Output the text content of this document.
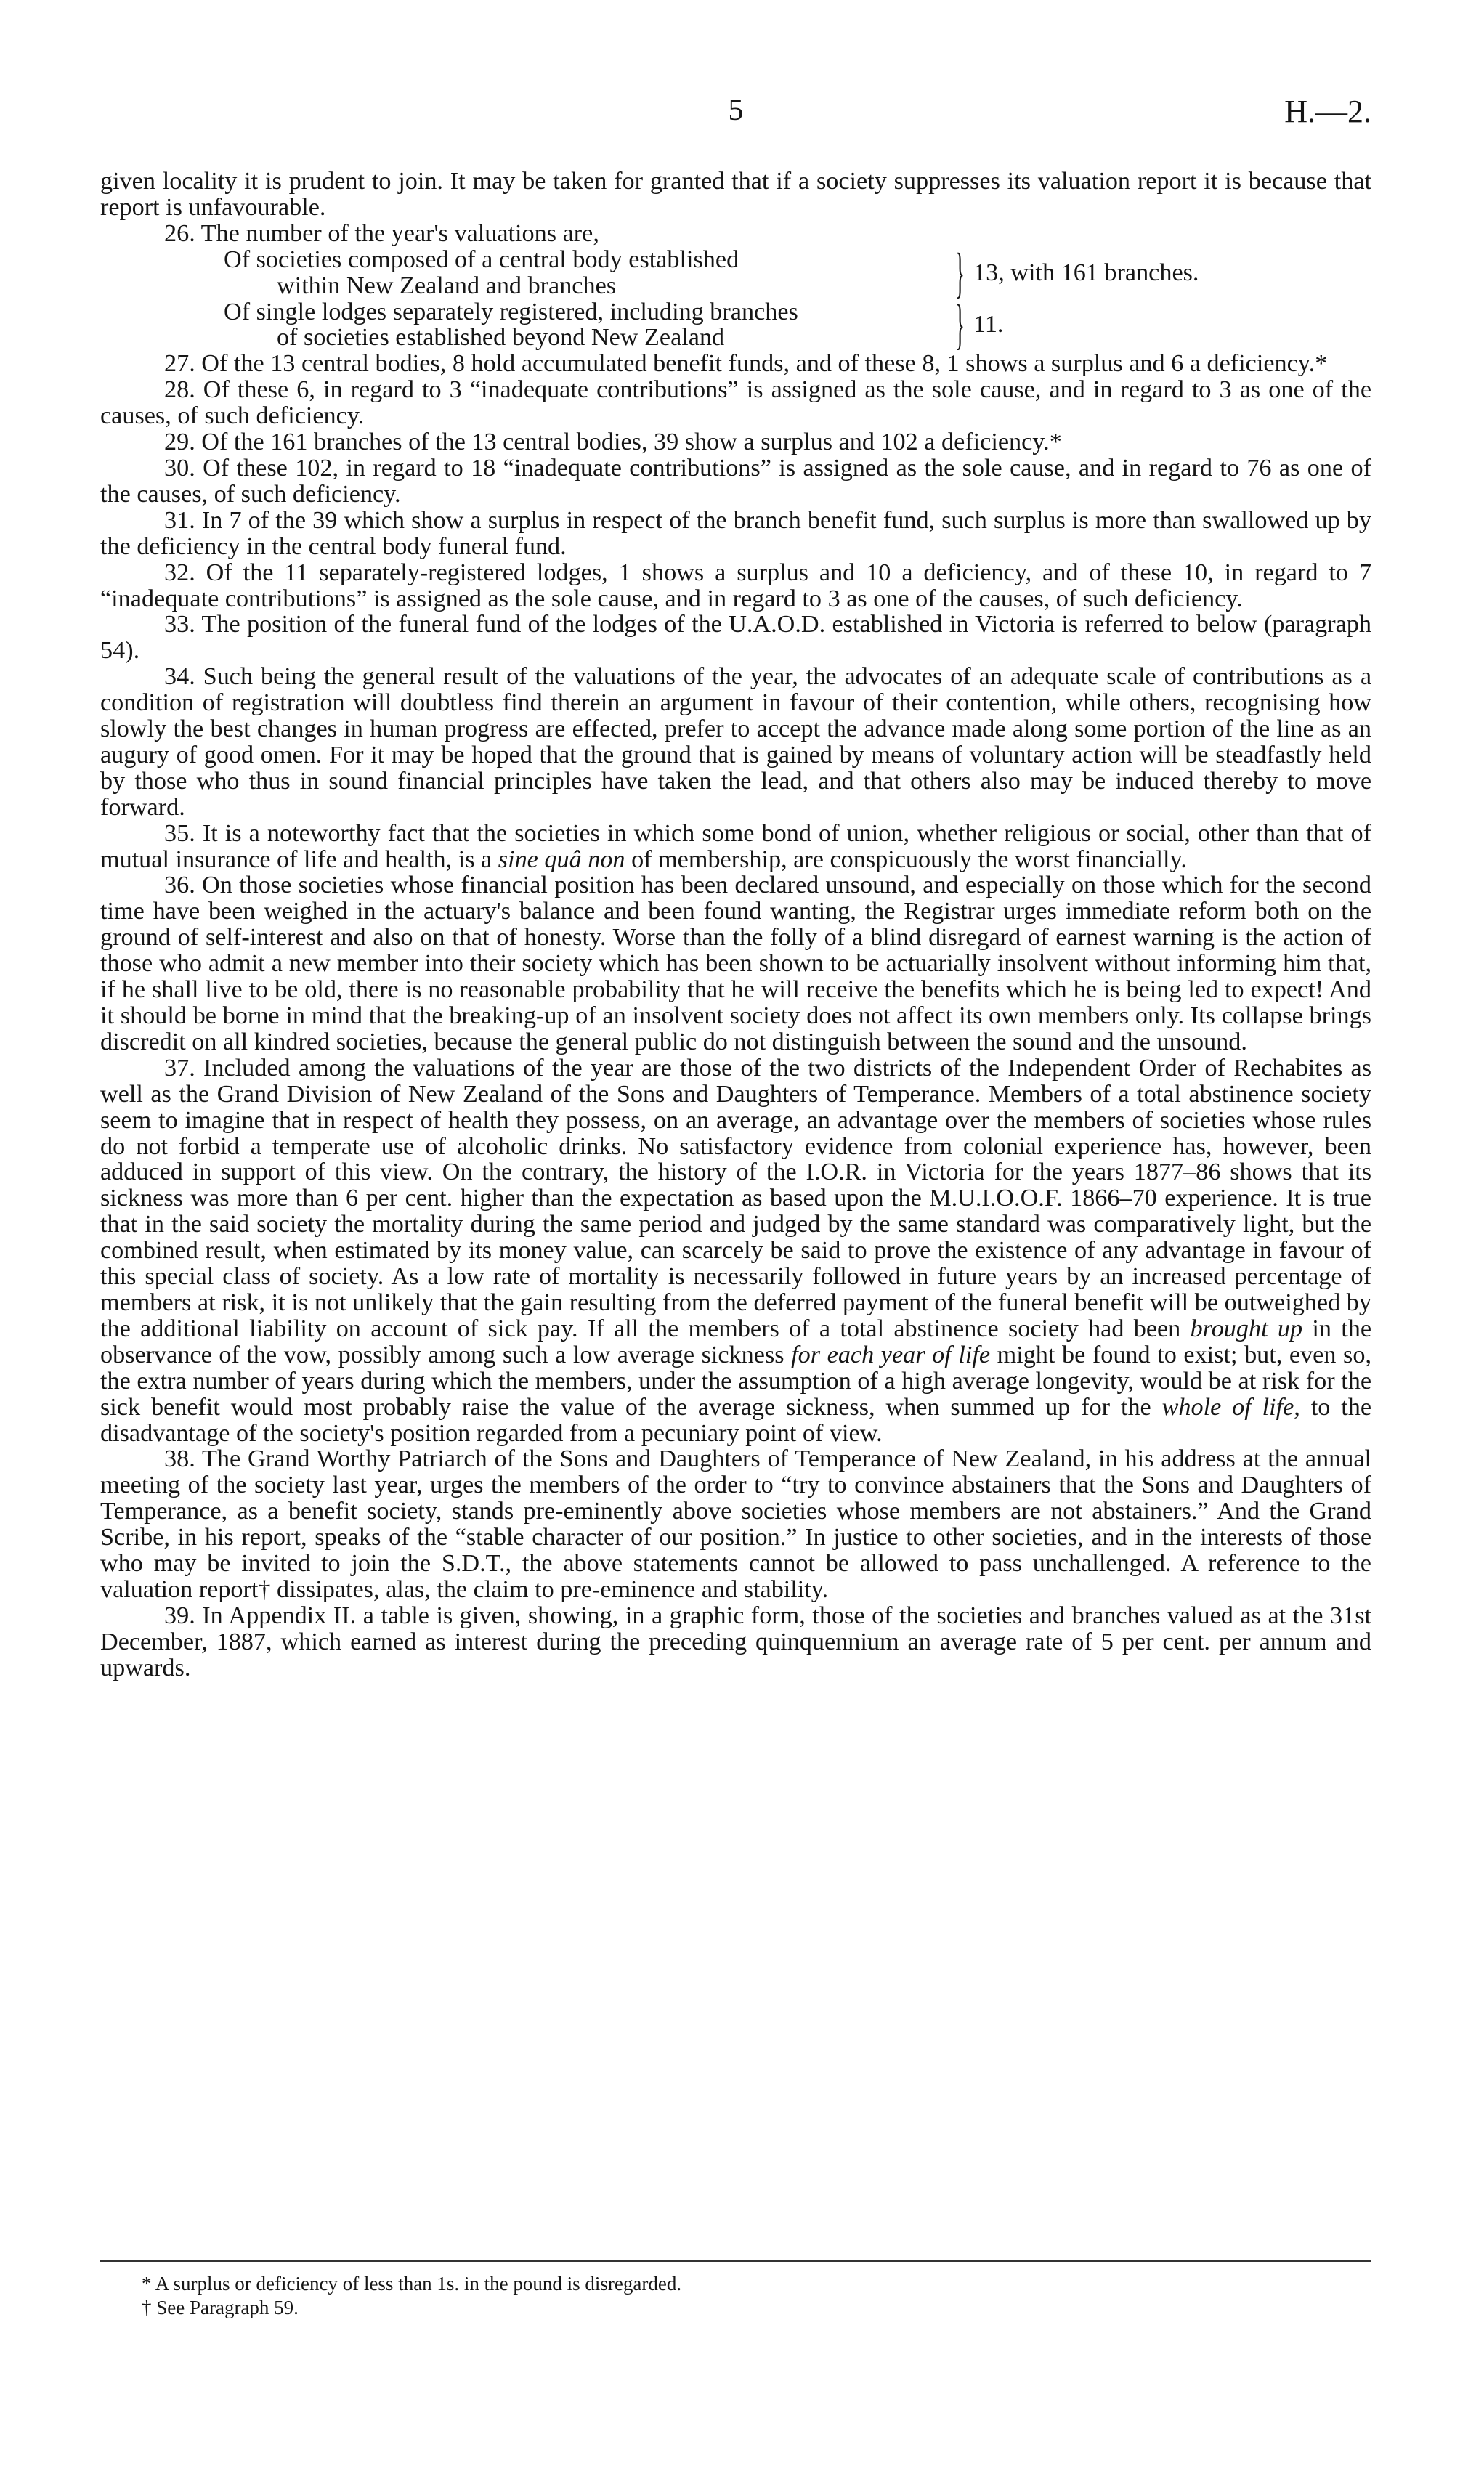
5	H.—2.

given locality it is prudent to join. It may be taken for granted that if a society suppresses its valuation report it is because that report is unfavourable.

26. The number of the year's valuations are,

Of societies composed of a central body established
within New Zealand and branches	} 13, with 161 branches.
Of single lodges separately registered, including branches
of societies established beyond New Zealand	} 11.

27. Of the 13 central bodies, 8 hold accumulated benefit funds, and of these 8, 1 shows a surplus and 6 a deficiency.*

28. Of these 6, in regard to 3 “inadequate contributions” is assigned as the sole cause, and in regard to 3 as one of the causes, of such deficiency.

29. Of the 161 branches of the 13 central bodies, 39 show a surplus and 102 a deficiency.*

30. Of these 102, in regard to 18 “inadequate contributions” is assigned as the sole cause, and in regard to 76 as one of the causes, of such deficiency.

31. In 7 of the 39 which show a surplus in respect of the branch benefit fund, such surplus is more than swallowed up by the deficiency in the central body funeral fund.

32. Of the 11 separately-registered lodges, 1 shows a surplus and 10 a deficiency, and of these 10, in regard to 7 “inadequate contributions” is assigned as the sole cause, and in regard to 3 as one of the causes, of such deficiency.

33. The position of the funeral fund of the lodges of the U.A.O.D. established in Victoria is referred to below (paragraph 54).

34. Such being the general result of the valuations of the year, the advocates of an adequate scale of contributions as a condition of registration will doubtless find therein an argument in favour of their contention, while others, recognising how slowly the best changes in human progress are effected, prefer to accept the advance made along some portion of the line as an augury of good omen. For it may be hoped that the ground that is gained by means of voluntary action will be steadfastly held by those who thus in sound financial principles have taken the lead, and that others also may be induced thereby to move forward.

35. It is a noteworthy fact that the societies in which some bond of union, whether religious or social, other than that of mutual insurance of life and health, is a sine quâ non of membership, are conspicuously the worst financially.

36. On those societies whose financial position has been declared unsound, and especially on those which for the second time have been weighed in the actuary's balance and been found wanting, the Registrar urges immediate reform both on the ground of self-interest and also on that of honesty. Worse than the folly of a blind disregard of earnest warning is the action of those who admit a new member into their society which has been shown to be actuarially insolvent without informing him that, if he shall live to be old, there is no reasonable probability that he will receive the benefits which he is being led to expect! And it should be borne in mind that the breaking-up of an insolvent society does not affect its own members only. Its collapse brings discredit on all kindred societies, because the general public do not distinguish between the sound and the unsound.

37. Included among the valuations of the year are those of the two districts of the Independent Order of Rechabites as well as the Grand Division of New Zealand of the Sons and Daughters of Temperance. Members of a total abstinence society seem to imagine that in respect of health they possess, on an average, an advantage over the members of societies whose rules do not forbid a temperate use of alcoholic drinks. No satisfactory evidence from colonial experience has, however, been adduced in support of this view. On the contrary, the history of the I.O.R. in Victoria for the years 1877–86 shows that its sickness was more than 6 per cent. higher than the expectation as based upon the M.U.I.O.O.F. 1866–70 experience. It is true that in the said society the mortality during the same period and judged by the same standard was comparatively light, but the combined result, when estimated by its money value, can scarcely be said to prove the existence of any advantage in favour of this special class of society. As a low rate of mortality is necessarily followed in future years by an increased percentage of members at risk, it is not unlikely that the gain resulting from the deferred payment of the funeral benefit will be outweighed by the additional liability on account of sick pay. If all the members of a total abstinence society had been brought up in the observance of the vow, possibly among such a low average sickness for each year of life might be found to exist; but, even so, the extra number of years during which the members, under the assumption of a high average longevity, would be at risk for the sick benefit would most probably raise the value of the average sickness, when summed up for the whole of life, to the disadvantage of the society's position regarded from a pecuniary point of view.

38. The Grand Worthy Patriarch of the Sons and Daughters of Temperance of New Zealand, in his address at the annual meeting of the society last year, urges the members of the order to “try to convince abstainers that the Sons and Daughters of Temperance, as a benefit society, stands pre-eminently above societies whose members are not abstainers.” And the Grand Scribe, in his report, speaks of the “stable character of our position.” In justice to other societies, and in the interests of those who may be invited to join the S.D.T., the above statements cannot be allowed to pass unchallenged. A reference to the valuation report† dissipates, alas, the claim to pre-eminence and stability.

39. In Appendix II. a table is given, showing, in a graphic form, those of the societies and branches valued as at the 31st December, 1887, which earned as interest during the preceding quinquennium an average rate of 5 per cent. per annum and upwards.

* A surplus or deficiency of less than 1s. in the pound is disregarded.
† See Paragraph 59.
